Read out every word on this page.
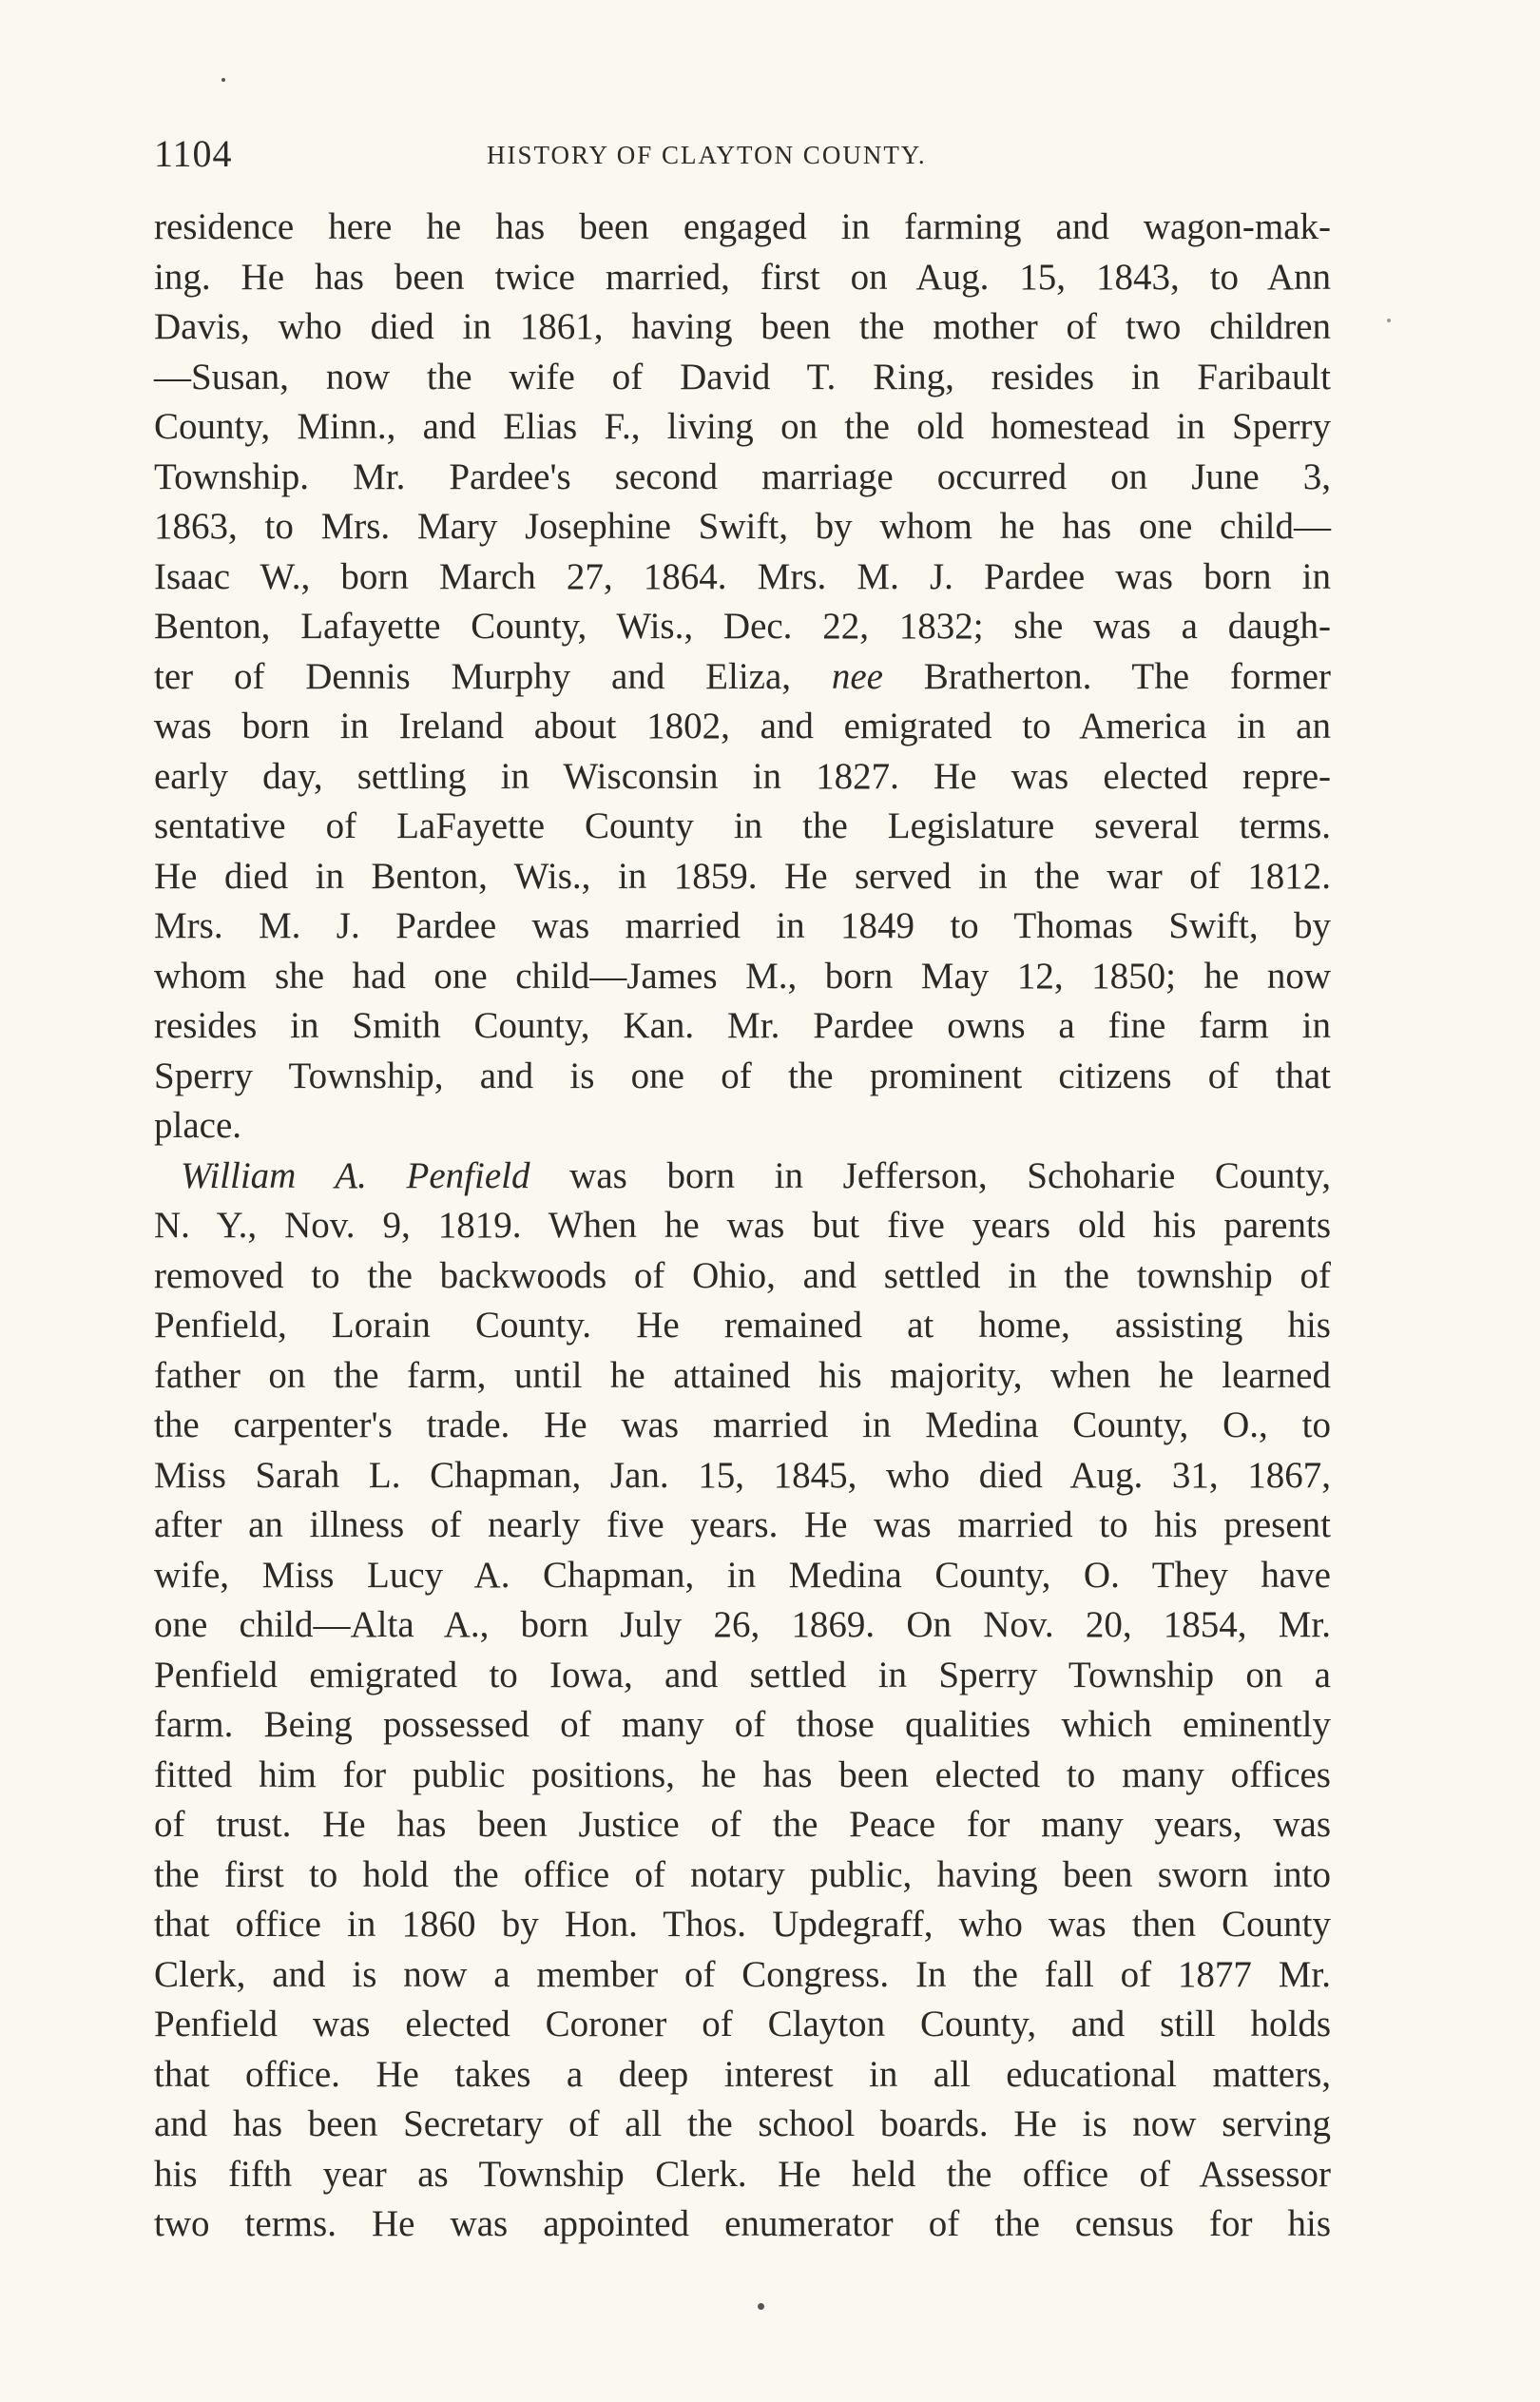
1104	HISTORY OF CLAYTON COUNTY.
residence here he has been engaged in farming and wagon-mak-
ing. He has been twice married, first on Aug. 15, 1843, to Ann
Davis, who died in 1861, having been the mother of two children
—Susan, now the wife of David T. Ring, resides in Faribault
County, Minn., and Elias F., living on the old homestead in Sperry
Township. Mr. Pardee's second marriage occurred on June 3,
1863, to Mrs. Mary Josephine Swift, by whom he has one child—
Isaac W., born March 27, 1864. Mrs. M. J. Pardee was born in
Benton, Lafayette County, Wis., Dec. 22, 1832; she was a daugh-
ter of Dennis Murphy and Eliza, nee Bratherton. The former
was born in Ireland about 1802, and emigrated to America in an
early day, settling in Wisconsin in 1827. He was elected repre-
sentative of LaFayette County in the Legislature several terms.
He died in Benton, Wis., in 1859. He served in the war of 1812.
Mrs. M. J. Pardee was married in 1849 to Thomas Swift, by
whom she had one child—James M., born May 12, 1850; he now
resides in Smith County, Kan. Mr. Pardee owns a fine farm in
Sperry Township, and is one of the prominent citizens of that
place.
William A. Penfield was born in Jefferson, Schoharie County,
N. Y., Nov. 9, 1819. When he was but five years old his parents
removed to the backwoods of Ohio, and settled in the township of
Penfield, Lorain County. He remained at home, assisting his
father on the farm, until he attained his majority, when he learned
the carpenter's trade. He was married in Medina County, O., to
Miss Sarah L. Chapman, Jan. 15, 1845, who died Aug. 31, 1867,
after an illness of nearly five years. He was married to his present
wife, Miss Lucy A. Chapman, in Medina County, O. They have
one child—Alta A., born July 26, 1869. On Nov. 20, 1854, Mr.
Penfield emigrated to Iowa, and settled in Sperry Township on a
farm. Being possessed of many of those qualities which eminently
fitted him for public positions, he has been elected to many offices
of trust. He has been Justice of the Peace for many years, was
the first to hold the office of notary public, having been sworn into
that office in 1860 by Hon. Thos. Updegraff, who was then County
Clerk, and is now a member of Congress. In the fall of 1877 Mr.
Penfield was elected Coroner of Clayton County, and still holds
that office. He takes a deep interest in all educational matters,
and has been Secretary of all the school boards. He is now serving
his fifth year as Township Clerk. He held the office of Assessor
two terms. He was appointed enumerator of the census for his
